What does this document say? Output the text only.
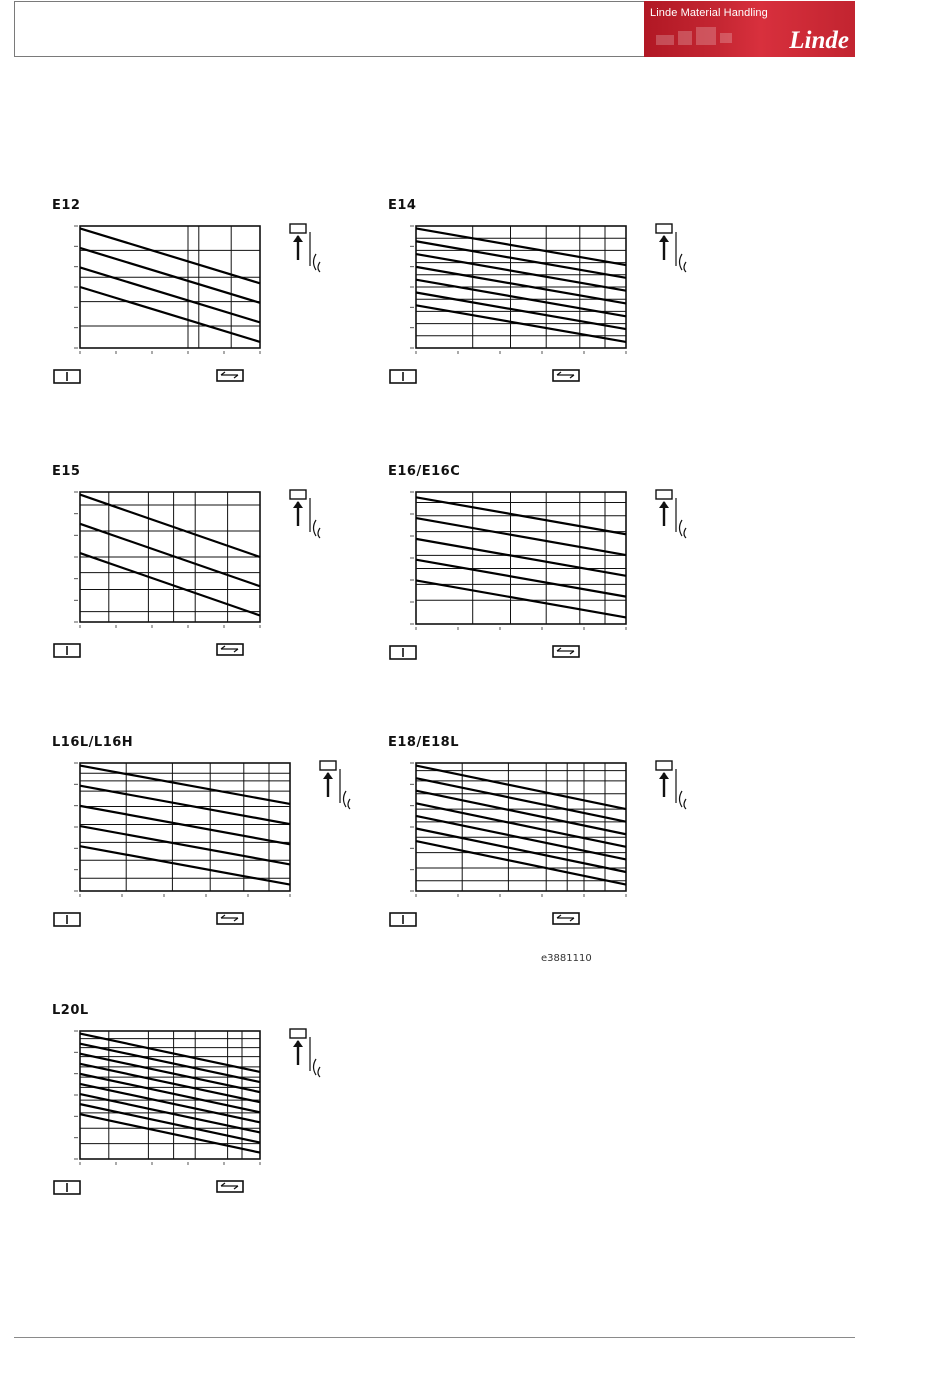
Linde Material Handling
Linde
E12	E14
E15	E16/E16C
L16L/L16H	E18/E18L
L20L
e3881110
